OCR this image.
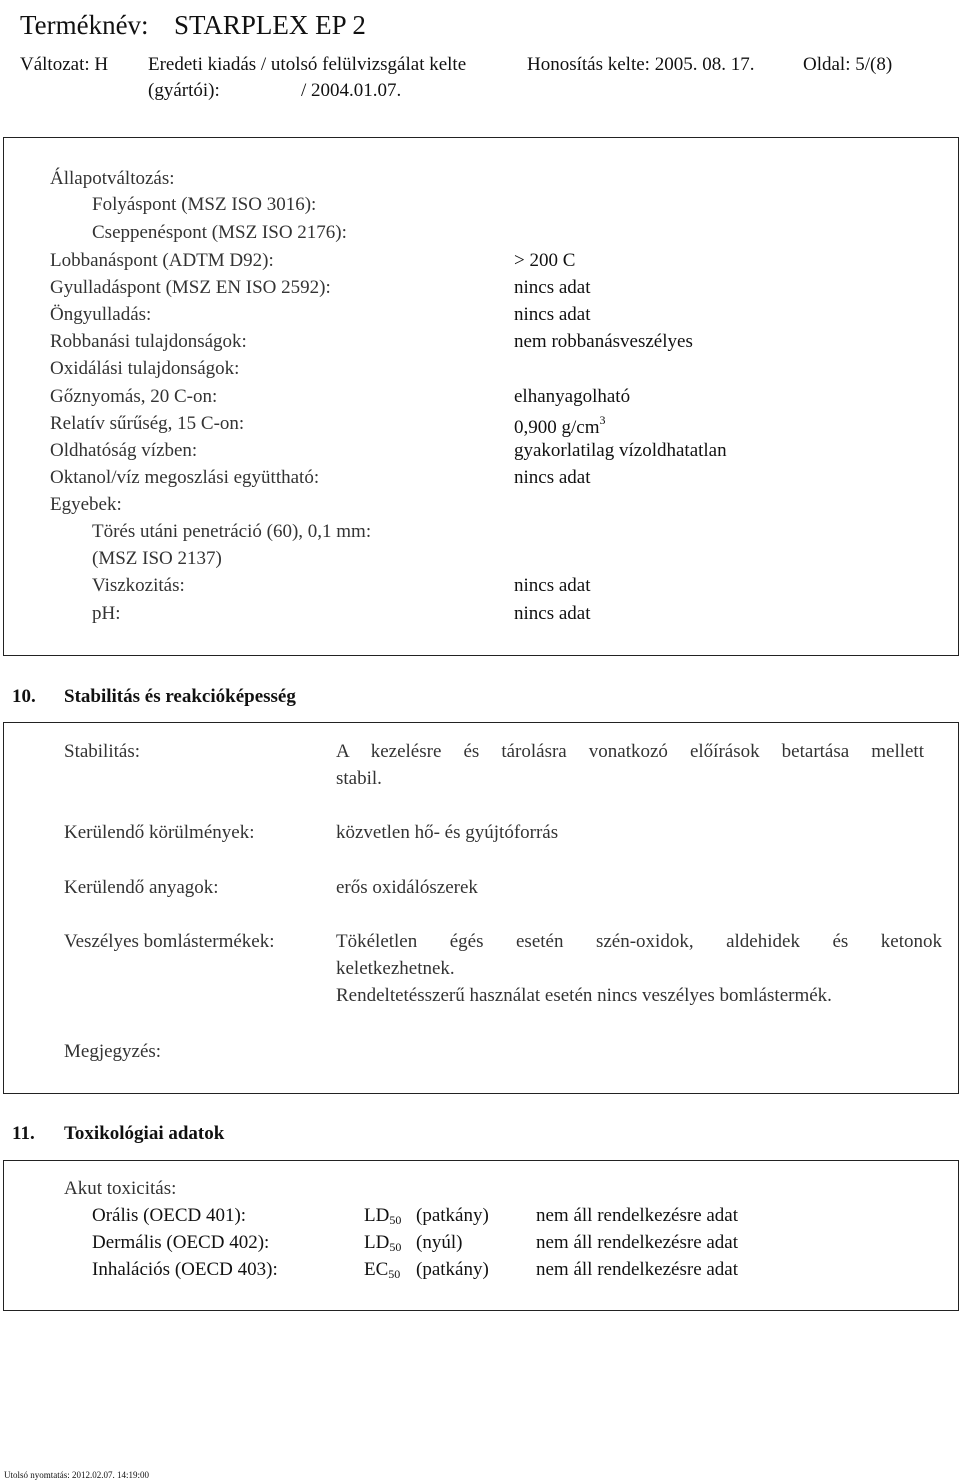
Terméknév: STARPLEX EP 2
Változat: H Eredeti kiadás / utolsó felülvizsgálat kelte
(gyártói):	/ 2004.01.07.
Honosítás kelte: 2005. 08. 17.	Oldal: 5/(8)
Állapotváltozás:
Folyáspont (MSZ ISO 3016):
Cseppenéspont (MSZ ISO 2176):
Lobbanáspont (ADTM D92):	> 200 C
Gyulladáspont (MSZ EN ISO 2592):	nincs adat
Öngyulladás:	nincs adat
Robbanási tulajdonságok:	nem robbanásveszélyes
Oxidálási tulajdonságok:
Gőznyomás, 20 C-on:	elhanyagolható
Relatív sűrűség, 15 C-on:	0,900 $g/cm^3$
Oldhatóság vízben:	gyakorlatilag vízoldhatatlan
Oktanol/víz megoszlási együttható:	nincs adat
Egyebek:
Törés utáni penetráció (60), 0,1 mm:
(MSZ ISO 2137)
Viszkozitás:	nincs adat
pH:	nincs adat
10. Stabilitás és reakcióképesség
Stabilitás:	A kezelésre és tárolásra vonatkozó előírások betartása mellett
stabil.
Kerülendő körülmények:	közvetlen hő- és gyújtóforrás
Kerülendő anyagok:	erős oxidálószerek
Veszélyes bomlástermékek:	Tökéletlen égés esetén szén-oxidok, aldehidek és ketonok
keletkezhetnek.
Rendeltetésszerű használat esetén nincs veszélyes bomlástermék.
Megjegyzés:
11. Toxikológiai adatok
Akut toxicitás:
Orális (OECD 401):	$LD_{50}$ (patkány) nem áll rendelkezésre adat
Dermális (OECD 402):	$LD_{50}$ (nyúl)	nem áll rendelkezésre adat
Inhalációs (OECD 403):	$EC_{50}$ (patkány) nem áll rendelkezésre adat
Utolsó nyomtatás: 2012.02.07. 14:19:00
